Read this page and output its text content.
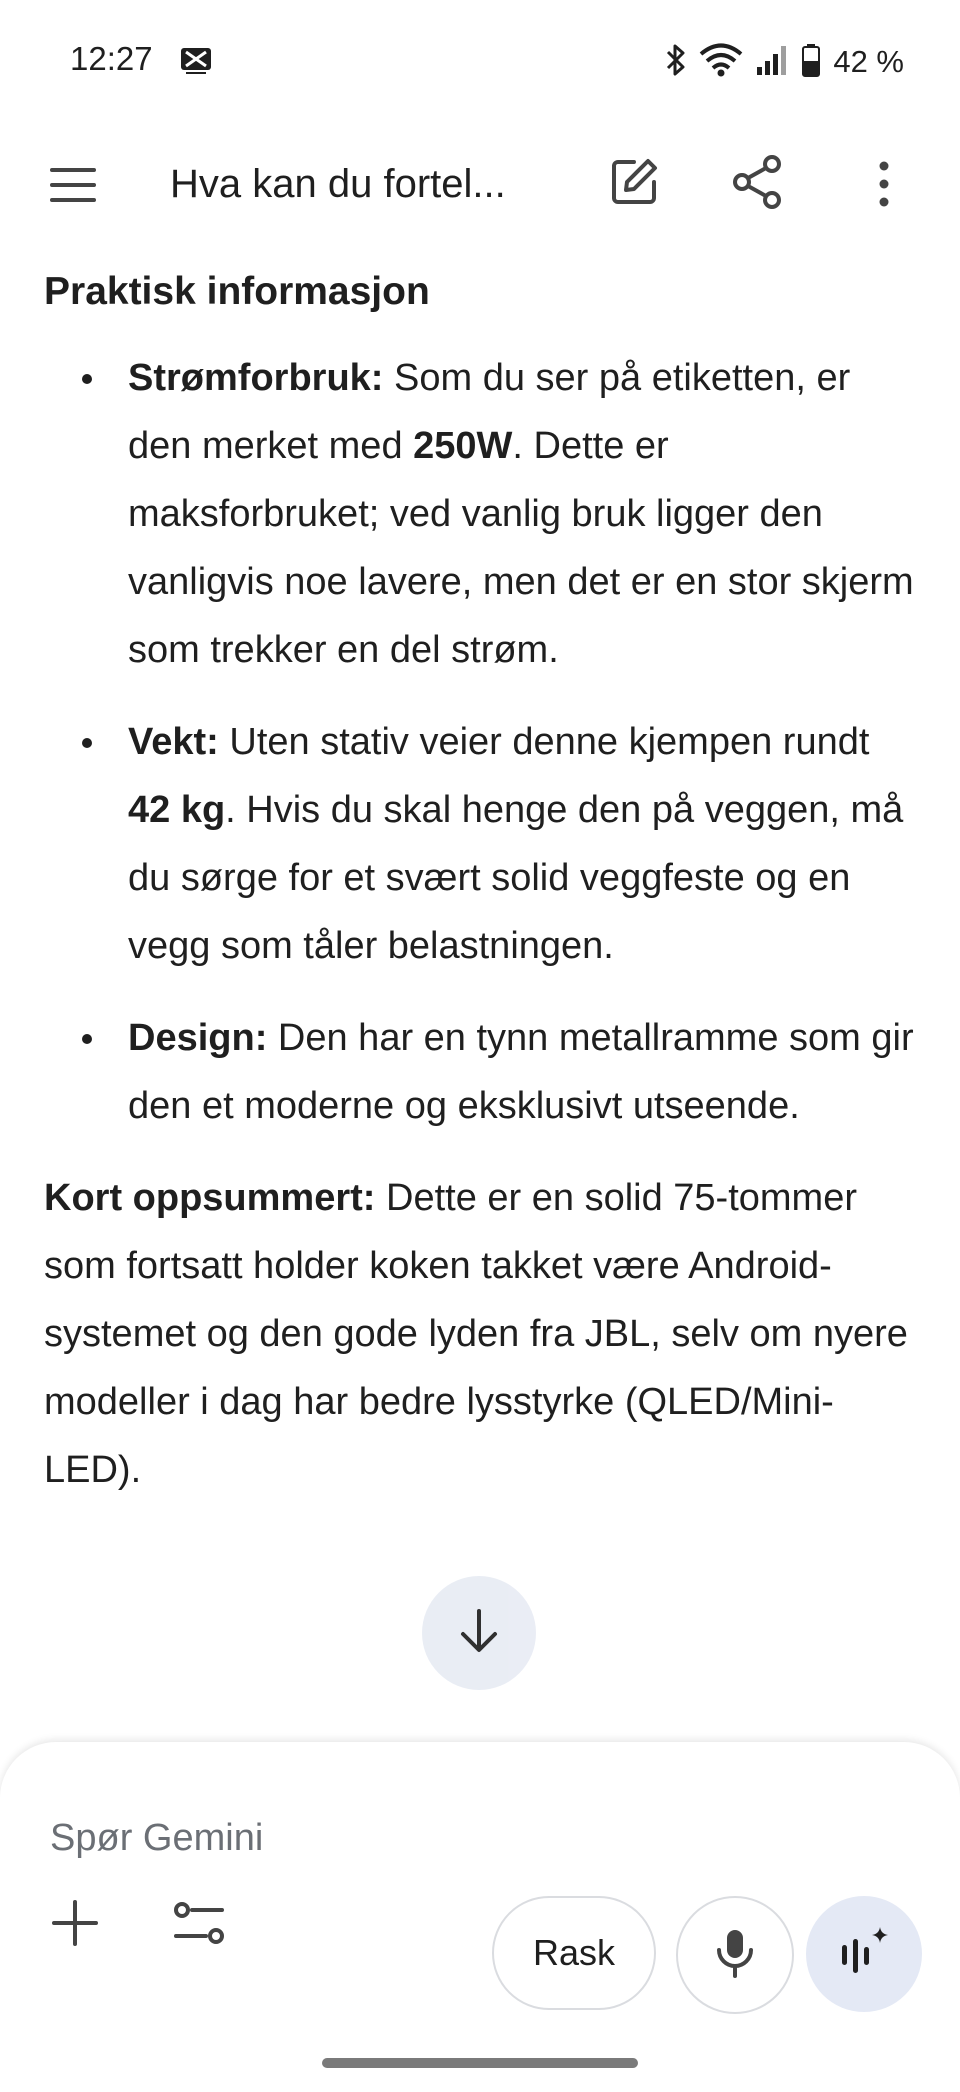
12:27	42 %
Hva kan du fortel...
Praktisk informasjon
Strømforbruk: Som du ser på etiketten, er den merket med 250W. Dette er maksforbruket; ved vanlig bruk ligger den vanligvis noe lavere, men det er en stor skjerm som trekker en del strøm.
Vekt: Uten stativ veier denne kjempen rundt 42 kg. Hvis du skal henge den på veggen, må du sørge for et svært solid veggfeste og en vegg som tåler belastningen.
Design: Den har en tynn metallramme som gir den et moderne og eksklusivt utseende.
Kort oppsummert: Dette er en solid 75-tommer som fortsatt holder koken takket være Android-systemet og den gode lyden fra JBL, selv om nyere modeller i dag har bedre lysstyrke (QLED/Mini-LED).
Spør Gemini
Rask
